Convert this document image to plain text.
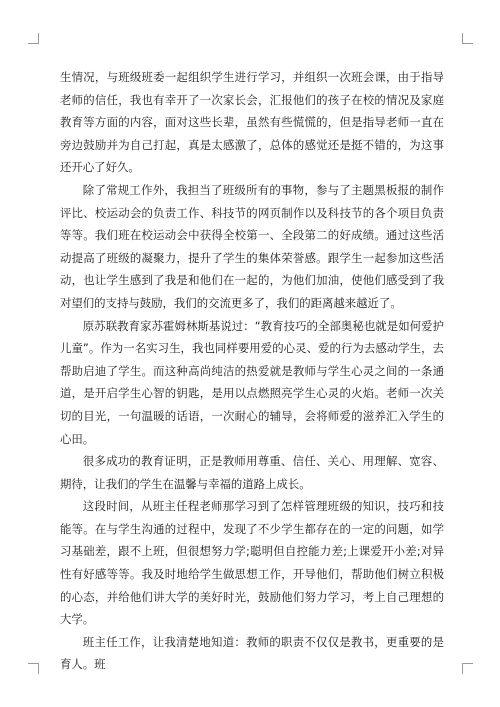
生情况，与班级班委一起组织学生进行学习，并组织一次班会课，由于指导老师的信任，我也有幸开了一次家长会，汇报他们的孩子在校的情况及家庭教育等方面的内容，面对这些长辈，虽然有些慌慌的，但是指导老师一直在旁边鼓励并为自己打起，真是太感激了，总体的感觉还是挺不错的，为这事还开心了好久。

除了常规工作外，我担当了班级所有的事物，参与了主题黑板报的制作评比、校运动会的负责工作、科技节的网页制作以及科技节的各个项目负责等等。我们班在校运动会中获得全校第一、全段第二的好成绩。通过这些活动提高了班级的凝聚力，提升了学生的集体荣誉感。跟学生一起参加这些活动，也让学生感到了我是和他们在一起的，为他们加油，使他们感受到了我对望们的支持与鼓励，我们的交流更多了，我们的距离越来越近了。

原苏联教育家苏霍姆林斯基说过：“教育技巧的全部奥秘也就是如何爱护儿童”。作为一名实习生，我也同样要用爱的心灵、爱的行为去感动学生，去帮助启迪了学生。而这种高尚纯洁的热爱就是教师与学生心灵之间的一条通道，是开启学生心智的钥匙，是用以点燃照亮学生心灵的火焰。老师一次关切的目光，一句温暖的话语，一次耐心的辅导，会将师爱的滋养汇入学生的心田。

很多成功的教育证明，正是教师用尊重、信任、关心、用理解、宽容、期待，让我们的学生在温馨与幸福的道路上成长。

这段时间，从班主任程老师那学习到了怎样管理班级的知识，技巧和技能等。在与学生沟通的过程中，发现了不少学生都存在的一定的问题，如学习基础差，跟不上班，但很想努力学;聪明但自控能力差;上课爱开小差;对异性有好感等等。我及时地给学生做思想工作，开导他们，帮助他们树立积极的心态，并给他们讲大学的美好时光，鼓励他们努力学习，考上自己理想的大学。

班主任工作，让我清楚地知道：教师的职责不仅仅是教书，更重要的是育人。班
